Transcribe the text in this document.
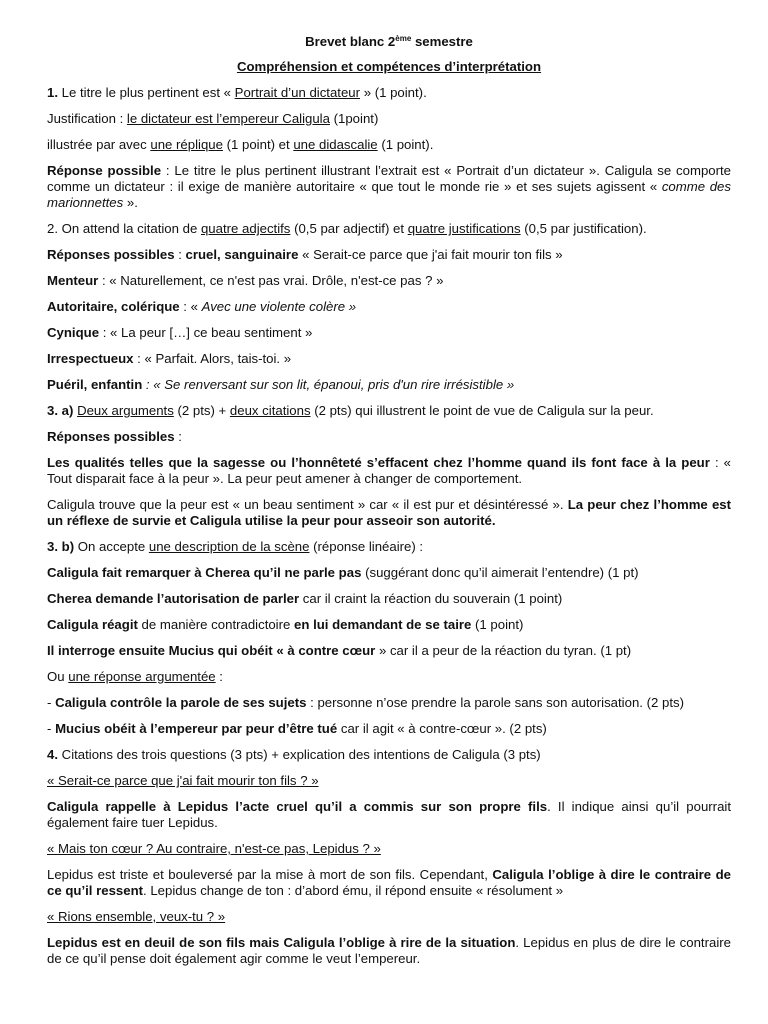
Brevet blanc 2ème semestre
Compréhension et compétences d’interprétation

1. Le titre le plus pertinent est « Portrait d’un dictateur » (1 point).

Justification : le dictateur est l’empereur Caligula (1point)

illustrée par avec une réplique (1 point) et une didascalie (1 point).

Réponse possible : Le titre le plus pertinent illustrant l’extrait est « Portrait d’un dictateur ». Caligula se comporte comme un dictateur : il exige de manière autoritaire « que tout le monde rie » et ses sujets agissent « comme des marionnettes ».

2. On attend la citation de quatre adjectifs (0,5 par adjectif) et quatre justifications (0,5 par justification).

Réponses possibles : cruel, sanguinaire « Serait-ce parce que j'ai fait mourir ton fils »

Menteur : « Naturellement, ce n'est pas vrai. Drôle, n'est-ce pas ? »

Autoritaire, colérique : « Avec une violente colère »

Cynique : « La peur […] ce beau sentiment »

Irrespectueux : « Parfait. Alors, tais-toi. »

Puéril, enfantin : « Se renversant sur son lit, épanoui, pris d'un rire irrésistible »

3. a) Deux arguments (2 pts) + deux citations (2 pts) qui illustrent le point de vue de Caligula sur la peur.

Réponses possibles :

Les qualités telles que la sagesse ou l’honnêteté s’effacent chez l’homme quand ils font face à la peur : « Tout disparait face à la peur ». La peur peut amener à changer de comportement.

Caligula trouve que la peur est « un beau sentiment » car « il est pur et désintéressé ». La peur chez l’homme est un réflexe de survie et Caligula utilise la peur pour asseoir son autorité.

3. b) On accepte une description de la scène (réponse linéaire) :

Caligula fait remarquer à Cherea qu’il ne parle pas (suggérant donc qu’il aimerait l’entendre) (1 pt)

Cherea demande l’autorisation de parler car il craint la réaction du souverain (1 point)

Caligula réagit de manière contradictoire en lui demandant de se taire (1 point)

Il interroge ensuite Mucius qui obéit « à contre cœur » car il a peur de la réaction du tyran. (1 pt)

Ou une réponse argumentée :

- Caligula contrôle la parole de ses sujets : personne n’ose prendre la parole sans son autorisation. (2 pts)

- Mucius obéit à l’empereur par peur d’être tué car il agit « à contre-cœur ». (2 pts)

4. Citations des trois questions (3 pts) + explication des intentions de Caligula (3 pts)

« Serait-ce parce que j'ai fait mourir ton fils ? »

Caligula rappelle à Lepidus l’acte cruel qu’il a commis sur son propre fils. Il indique ainsi qu’il pourrait également faire tuer Lepidus.

« Mais ton cœur ? Au contraire, n'est-ce pas, Lepidus ? »

Lepidus est triste et bouleversé par la mise à mort de son fils. Cependant, Caligula l’oblige à dire le contraire de ce qu’il ressent. Lepidus change de ton : d’abord ému, il répond ensuite « résolument »

« Rions ensemble, veux-tu ? »

Lepidus est en deuil de son fils mais Caligula l’oblige à rire de la situation. Lepidus en plus de dire le contraire de ce qu’il pense doit également agir comme le veut l’empereur.
